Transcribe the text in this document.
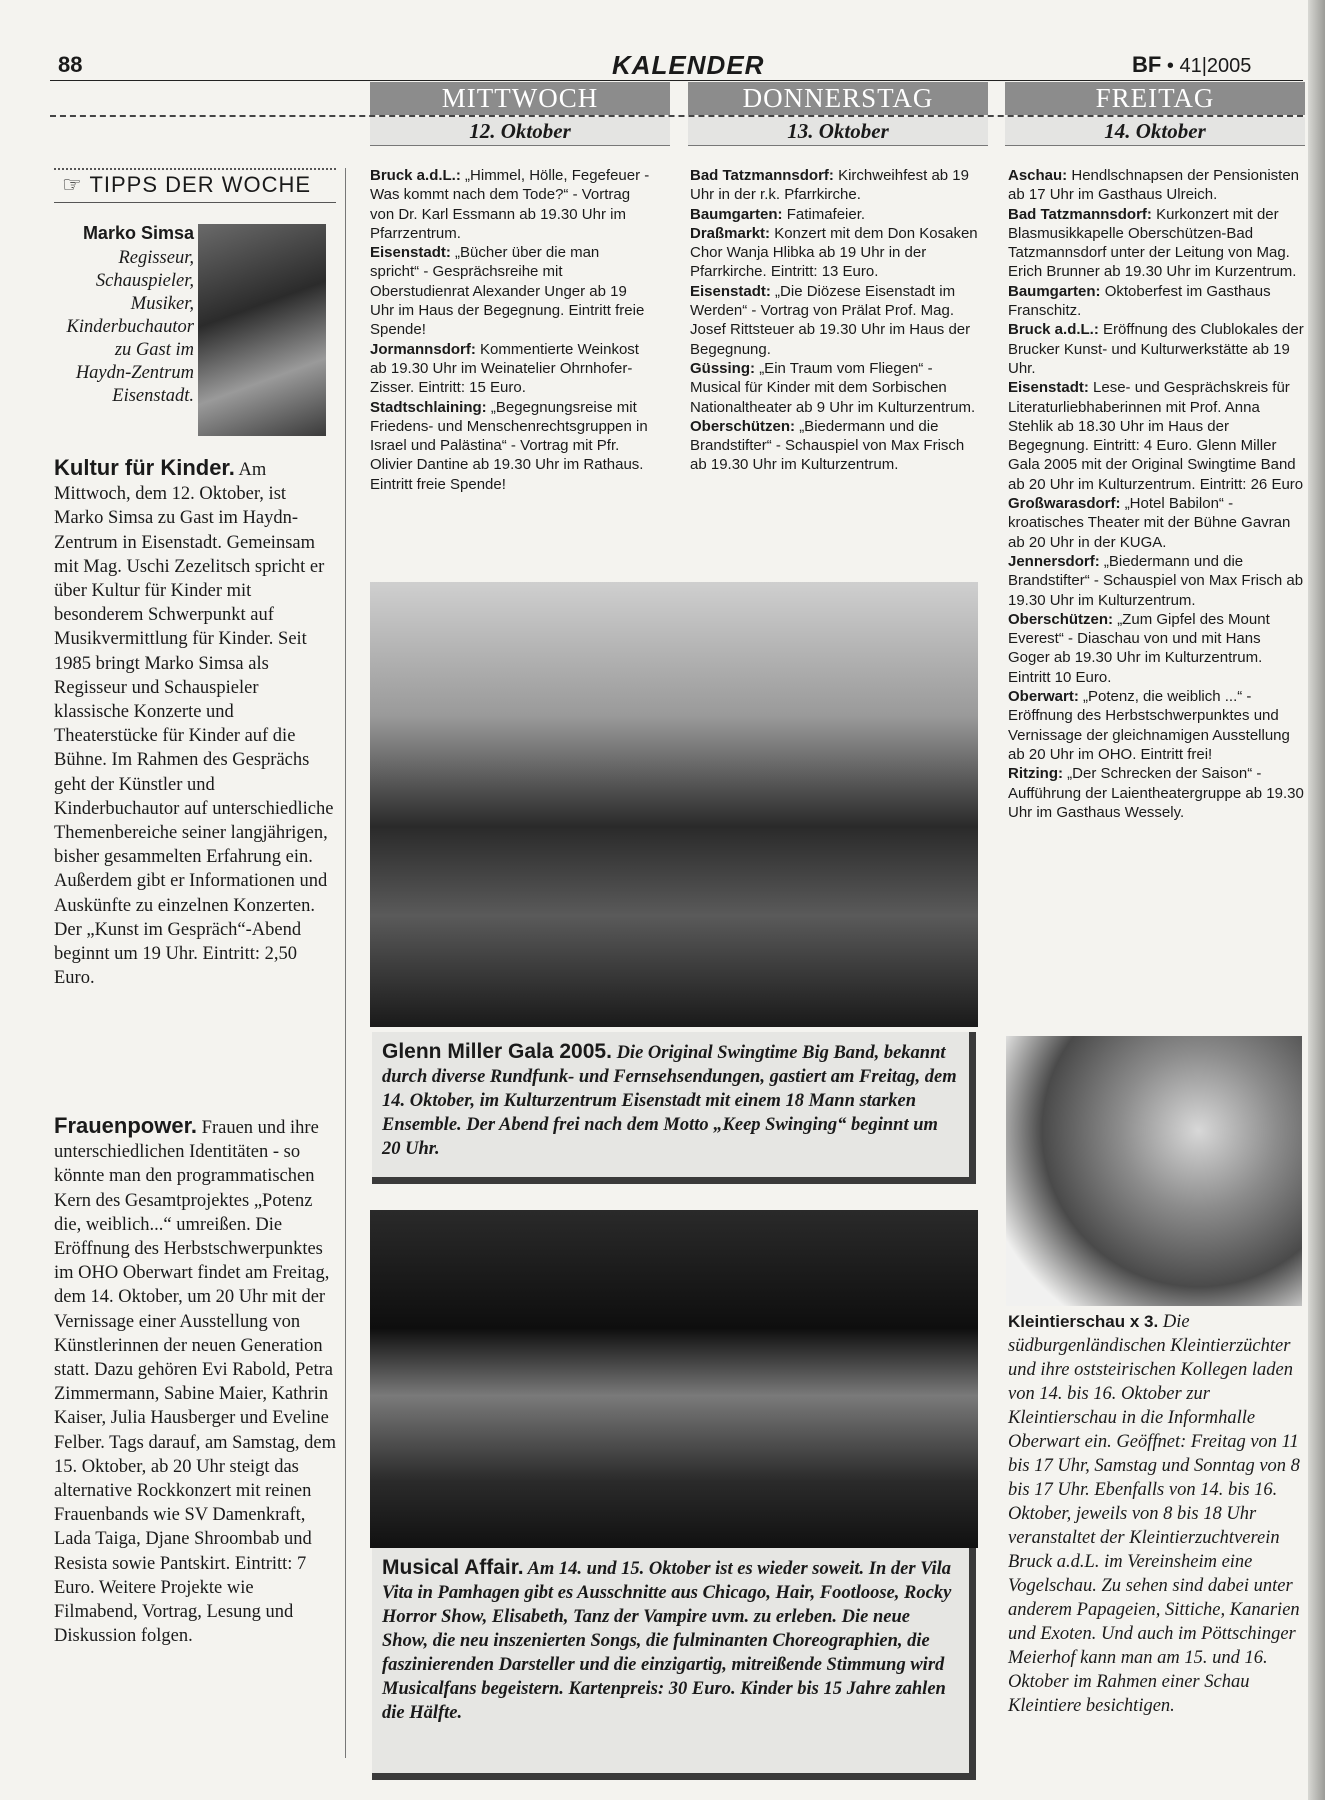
88	KALENDER	BF • 41|2005
MITTWOCH
12. Oktober
DONNERSTAG
13. Oktober
FREITAG
14. Oktober
☞ TIPPS DER WOCHE
Marko Simsa
Regisseur, Schauspieler, Musiker, Kinderbuchautor zu Gast im Haydn-Zentrum Eisenstadt.
Kultur für Kinder. Am Mittwoch, dem 12. Oktober, ist Marko Simsa zu Gast im Haydn-Zentrum in Eisenstadt. Gemeinsam mit Mag. Uschi Zezelitsch spricht er über Kultur für Kinder mit besonderem Schwerpunkt auf Musikvermittlung für Kinder. Seit 1985 bringt Marko Simsa als Regisseur und Schauspieler klassische Konzerte und Theaterstücke für Kinder auf die Bühne. Im Rahmen des Gesprächs geht der Künstler und Kinderbuchautor auf unterschiedliche Themenbereiche seiner langjährigen, bisher gesammelten Erfahrung ein. Außerdem gibt er Informationen und Auskünfte zu einzelnen Konzerten. Der „Kunst im Gespräch“-Abend beginnt um 19 Uhr. Eintritt: 2,50 Euro.
Frauenpower. Frauen und ihre unterschiedlichen Identitäten - so könnte man den programmatischen Kern des Gesamtprojektes „Potenz die, weiblich...“ umreißen. Die Eröffnung des Herbstschwerpunktes im OHO Oberwart findet am Freitag, dem 14. Oktober, um 20 Uhr mit der Vernissage einer Ausstellung von Künstlerinnen der neuen Generation statt. Dazu gehören Evi Rabold, Petra Zimmermann, Sabine Maier, Kathrin Kaiser, Julia Hausberger und Eveline Felber. Tags darauf, am Samstag, dem 15. Oktober, ab 20 Uhr steigt das alternative Rockkonzert mit reinen Frauenbands wie SV Damenkraft, Lada Taiga, Djane Shroombab und Resista sowie Pantskirt. Eintritt: 7 Euro. Weitere Projekte wie Filmabend, Vortrag, Lesung und Diskussion folgen.

Bruck a.d.L.: „Himmel, Hölle, Fegefeuer - Was kommt nach dem Tode?“ - Vortrag von Dr. Karl Essmann ab 19.30 Uhr im Pfarrzentrum.

Eisenstadt: „Bücher über die man spricht“ - Gesprächsreihe mit Oberstudienrat Alexander Unger ab 19 Uhr im Haus der Begegnung. Eintritt freie Spende!

Jormannsdorf: Kommentierte Weinkost ab 19.30 Uhr im Weinatelier Ohrnhofer-Zisser. Eintritt: 15 Euro.

Stadtschlaining: „Begegnungsreise mit Friedens- und Menschenrechtsgruppen in Israel und Palästina“ - Vortrag mit Pfr. Olivier Dantine ab 19.30 Uhr im Rathaus. Eintritt freie Spende!

Bad Tatzmannsdorf: Kirchweihfest ab 19 Uhr in der r.k. Pfarrkirche.

Baumgarten: Fatimafeier.

Draßmarkt: Konzert mit dem Don Kosaken Chor Wanja Hlibka ab 19 Uhr in der Pfarrkirche. Eintritt: 13 Euro.

Eisenstadt: „Die Diözese Eisenstadt im Werden“ - Vortrag von Prälat Prof. Mag. Josef Rittsteuer ab 19.30 Uhr im Haus der Begegnung.

Güssing: „Ein Traum vom Fliegen“ - Musical für Kinder mit dem Sorbischen Nationaltheater ab 9 Uhr im Kulturzentrum.

Oberschützen: „Biedermann und die Brandstifter“ - Schauspiel von Max Frisch ab 19.30 Uhr im Kulturzentrum.

Aschau: Hendlschnapsen der Pensionisten ab 17 Uhr im Gasthaus Ulreich.

Bad Tatzmannsdorf: Kurkonzert mit der Blasmusikkapelle Oberschützen-Bad Tatzmannsdorf unter der Leitung von Mag. Erich Brunner ab 19.30 Uhr im Kurzentrum.

Baumgarten: Oktoberfest im Gasthaus Franschitz.

Bruck a.d.L.: Eröffnung des Clublokales der Brucker Kunst- und Kulturwerkstätte ab 19 Uhr.

Eisenstadt: Lese- und Gesprächskreis für Literaturliebhaberinnen mit Prof. Anna Stehlik ab 18.30 Uhr im Haus der Begegnung. Eintritt: 4 Euro. Glenn Miller Gala 2005 mit der Original Swingtime Band ab 20 Uhr im Kulturzentrum. Eintritt: 26 Euro

Großwarasdorf: „Hotel Babilon“ - kroatisches Theater mit der Bühne Gavran ab 20 Uhr in der KUGA.

Jennersdorf: „Biedermann und die Brandstifter“ - Schauspiel von Max Frisch ab 19.30 Uhr im Kulturzentrum.

Oberschützen: „Zum Gipfel des Mount Everest“ - Diaschau von und mit Hans Goger ab 19.30 Uhr im Kulturzentrum. Eintritt 10 Euro.

Oberwart: „Potenz, die weiblich ...“ - Eröffnung des Herbstschwerpunktes und Vernissage der gleichnamigen Ausstellung ab 20 Uhr im OHO. Eintritt frei!

Ritzing: „Der Schrecken der Saison“ - Aufführung der Laientheatergruppe ab 19.30 Uhr im Gasthaus Wessely.

Glenn Miller Gala 2005. Die Original Swingtime Big Band, bekannt durch diverse Rundfunk- und Fernsehsendungen, gastiert am Freitag, dem 14. Oktober, im Kulturzentrum Eisenstadt mit einem 18 Mann starken Ensemble. Der Abend frei nach dem Motto „Keep Swinging“ beginnt um 20 Uhr.
Musical Affair. Am 14. und 15. Oktober ist es wieder soweit. In der Vila Vita in Pamhagen gibt es Ausschnitte aus Chicago, Hair, Footloose, Rocky Horror Show, Elisabeth, Tanz der Vampire uvm. zu erleben. Die neue Show, die neu inszenierten Songs, die fulminanten Choreographien, die faszinierenden Darsteller und die einzigartig, mitreißende Stimmung wird Musicalfans begeistern. Kartenpreis: 30 Euro. Kinder bis 15 Jahre zahlen die Hälfte.
Kleintierschau x 3. Die südburgenländischen Kleintierzüchter und ihre oststeirischen Kollegen laden von 14. bis 16. Oktober zur Kleintierschau in die Informhalle Oberwart ein. Geöffnet: Freitag von 11 bis 17 Uhr, Samstag und Sonntag von 8 bis 17 Uhr. Ebenfalls von 14. bis 16. Oktober, jeweils von 8 bis 18 Uhr veranstaltet der Kleintierzuchtverein Bruck a.d.L. im Vereinsheim eine Vogelschau. Zu sehen sind dabei unter anderem Papageien, Sittiche, Kanarien und Exoten. Und auch im Pöttschinger Meierhof kann man am 15. und 16. Oktober im Rahmen einer Schau Kleintiere besichtigen.
